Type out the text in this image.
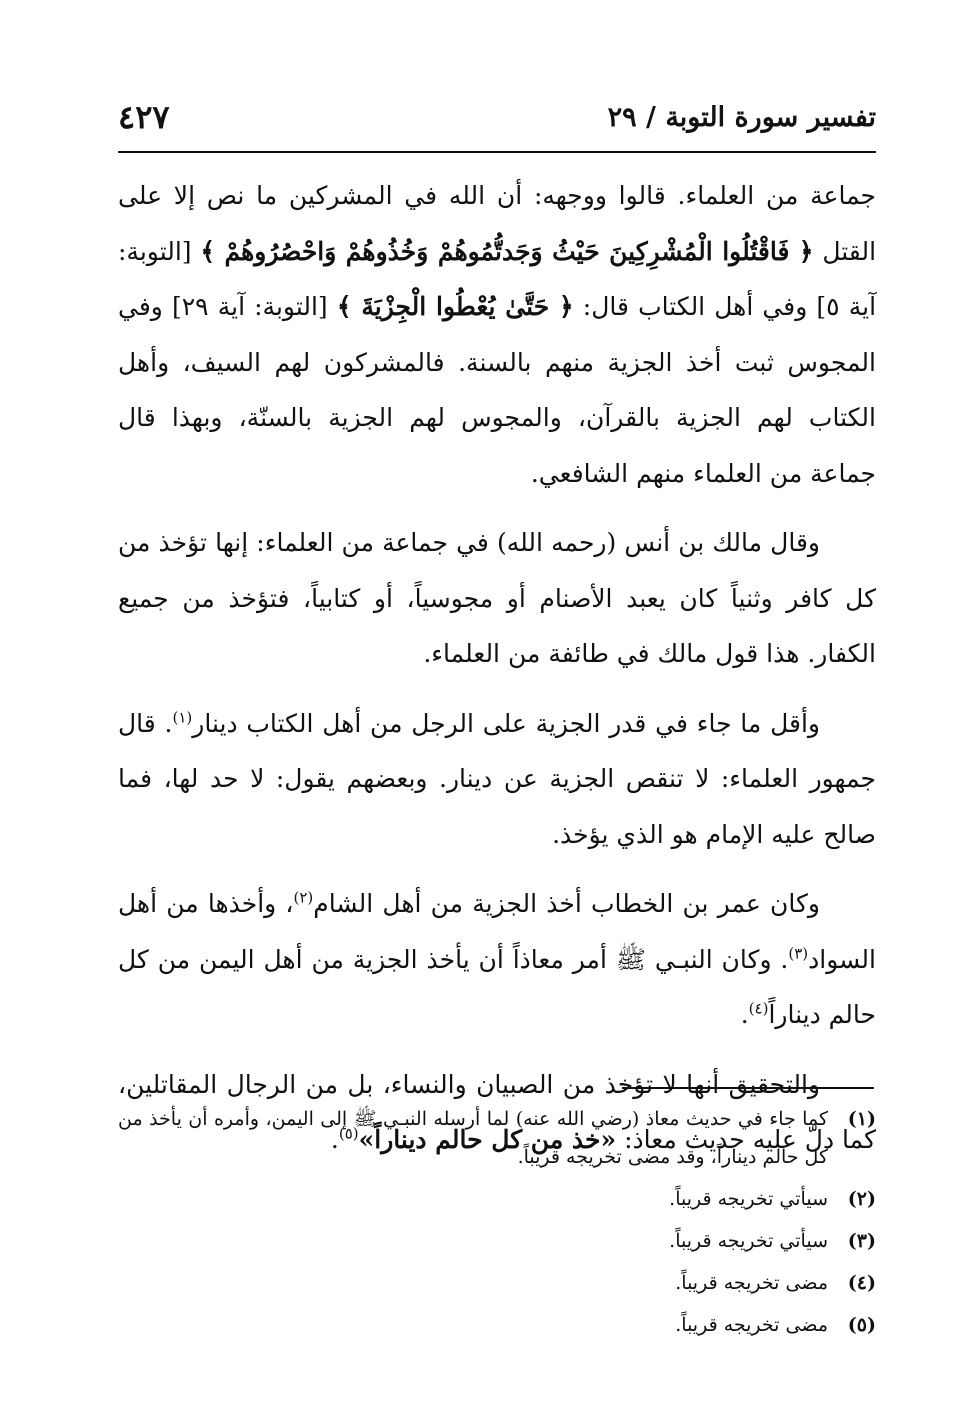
تفسير سورة التوبة / ٢٩
٤٢٧

جماعة من العلماء. قالوا ووجهه: أن الله في المشركين ما نص إلا على القتل ﴿ فَاقْتُلُوا الْمُشْرِكِينَ حَيْثُ وَجَدتُّمُوهُمْ وَخُذُوهُمْ وَاحْصُرُوهُمْ ﴾ [التوبة: آية ٥] وفي أهل الكتاب قال: ﴿ حَتَّىٰ يُعْطُوا الْجِزْيَةَ ﴾ [التوبة: آية ٢٩] وفي المجوس ثبت أخذ الجزية منهم بالسنة. فالمشركون لهم السيف، وأهل الكتاب لهم الجزية بالقرآن، والمجوس لهم الجزية بالسنّة، وبهذا قال جماعة من العلماء منهم الشافعي.

وقال مالك بن أنس (رحمه الله) في جماعة من العلماء: إنها تؤخذ من كل كافر وثنياً كان يعبد الأصنام أو مجوسياً، أو كتابياً، فتؤخذ من جميع الكفار. هذا قول مالك في طائفة من العلماء.

وأقل ما جاء في قدر الجزية على الرجل من أهل الكتاب دينار$^{(١)}$. قال جمهور العلماء: لا تنقص الجزية عن دينار. وبعضهم يقول: لا حد لها، فما صالح عليه الإمام هو الذي يؤخذ.

وكان عمر بن الخطاب أخذ الجزية من أهل الشام$^{(٢)}$، وأخذها من أهل السواد$^{(٣)}$. وكان النبـي ﷺ أمر معاذاً أن يأخذ الجزية من أهل اليمن من كل حالم ديناراً$^{(٤)}$.

والتحقيق أنها لا تؤخذ من الصبيان والنساء، بل من الرجال المقاتلين، كما دلّ عليه حديث معاذ: «خذ من كل حالم ديناراً»$^{(٥)}$.

(١)
كما جاء في حديث معاذ (رضي الله عنه) لما أرسله النبـي ﷺ إلى اليمن، وأمره أن يأخذ من كل حالم ديناراً، وقد مضى تخريجه قريباً.
(٢)
سيأتي تخريجه قريباً.
(٣)
سيأتي تخريجه قريباً.
(٤)
مضى تخريجه قريباً.
(٥)
مضى تخريجه قريباً.
